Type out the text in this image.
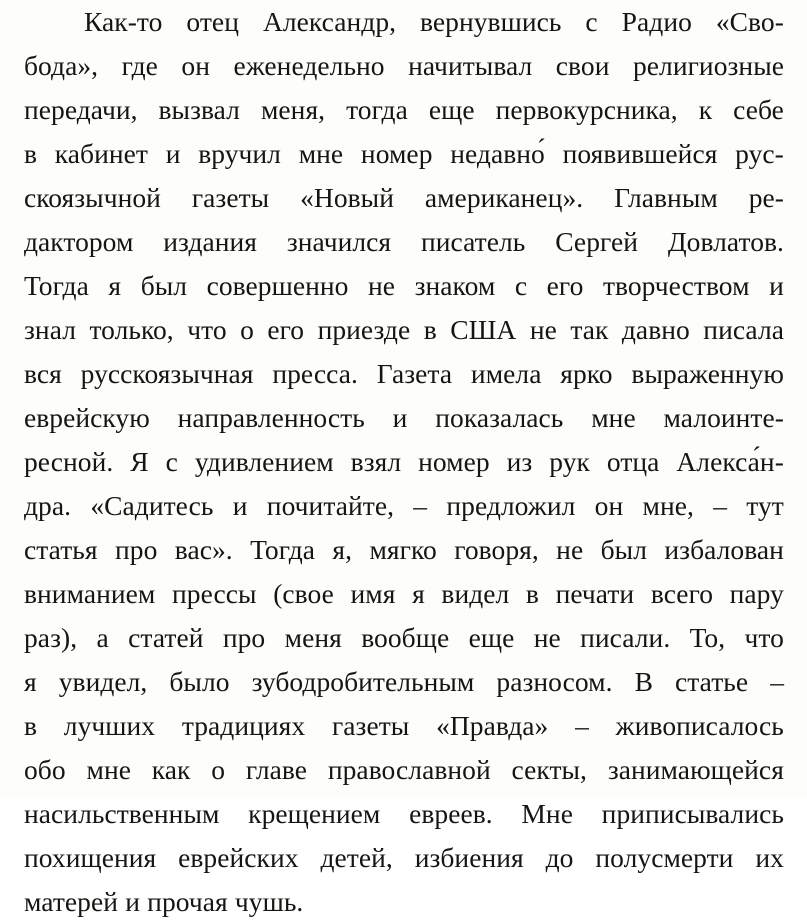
Как-то отец Александр, вернувшись с Радио «Сво-
бода», где он еженедельно начитывал свои религиозные
передачи, вызвал меня, тогда еще первокурсника, к себе
в кабинет и вручил мне номер недавно́ появившейся рус-
скоязычной газеты «Новый американец». Главным ре-
дактором издания значился писатель Сергей Довлатов.
Тогда я был совершенно не знаком с его творчеством и
знал только, что о его приезде в США не так давно писала
вся русскоязычная пресса. Газета имела ярко выраженную
еврейскую направленность и показалась мне малоинте-
ресной. Я с удивлением взял номер из рук отца Алекса́н-
дра. «Садитесь и почитайте, – предложил он мне, – тут
статья про вас». Тогда я, мягко говоря, не был избалован
вниманием прессы (свое имя я видел в печати всего пару
раз), а статей про меня вообще еще не писали. То, что
я увидел, было зубодробительным разносом. В статье –
в лучших традициях газеты «Правда» – живописалось
обо мне как о главе православной секты, занимающейся
насильственным крещением евреев. Мне приписывались
похищения еврейских детей, избиения до полусмерти их
матерей и прочая чушь.
